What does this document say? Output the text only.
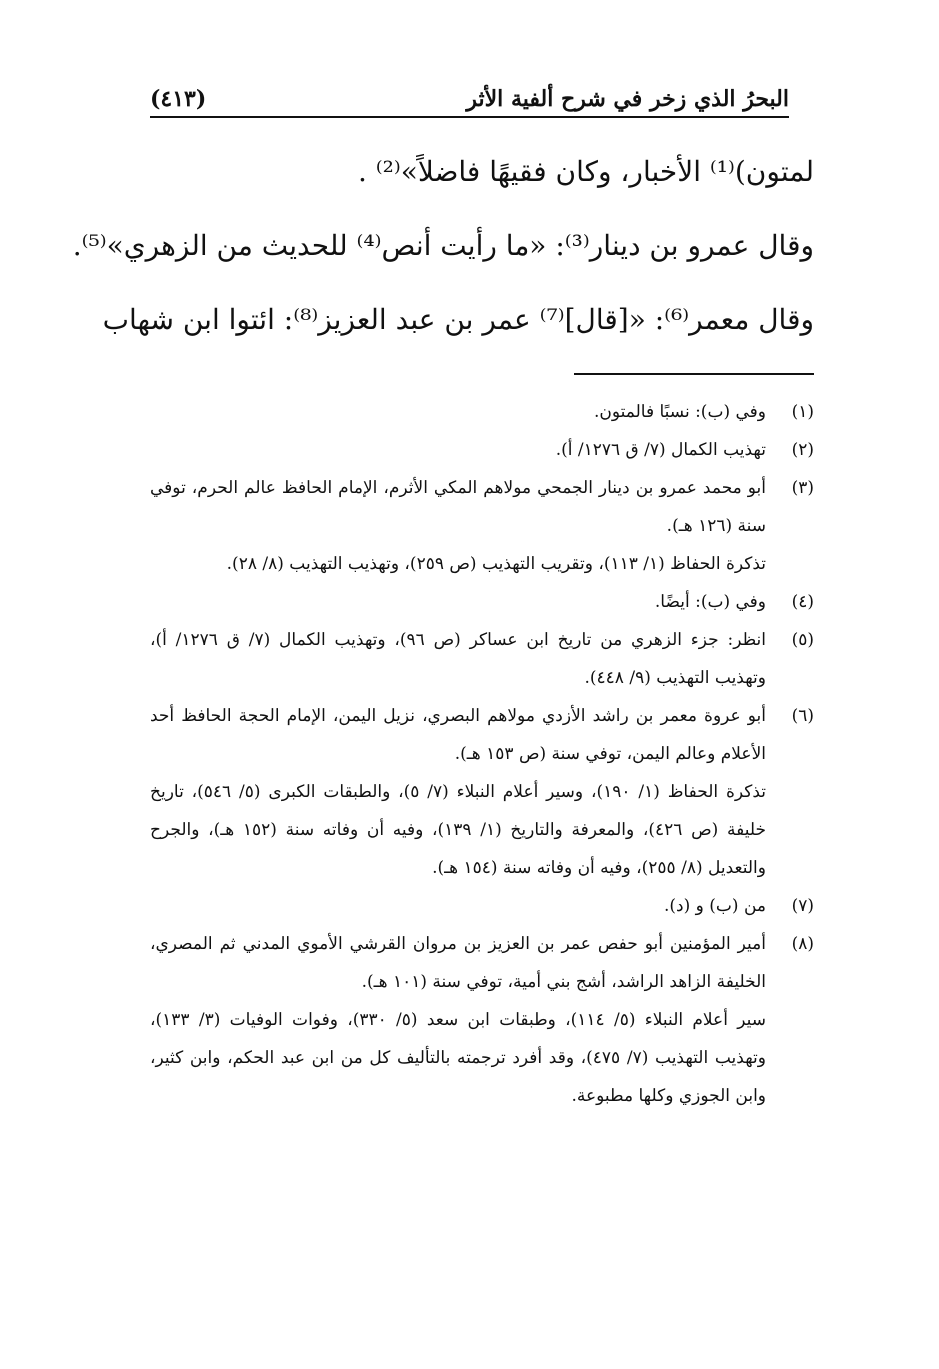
البحرُ الذي زخر في شرح ألفية الأثر
(٤١٣)

لمتون)⁽¹⁾ الأخبار، وكان فقيهًا فاضلاً»⁽²⁾ .

وقال عمرو بن دينار⁽³⁾: «ما رأيت أنص⁽⁴⁾ للحديث من الزهري»⁽⁵⁾.

وقال معمر⁽⁶⁾: «[قال]⁽⁷⁾ عمر بن عبد العزيز⁽⁸⁾: ائتوا ابن شهاب

(١)

وفي (ب): نسبًا فالمتون.

(٢)

تهذيب الكمال (٧/ ق ١٢٧٦/ أ).

(٣)

أبو محمد عمرو بن دينار الجمحي مولاهم المكي الأثرم، الإمام الحافظ عالم الحرم، توفي سنة (١٢٦ هـ).

تذكرة الحفاظ (١/ ١١٣)، وتقريب التهذيب (ص ٢٥٩)، وتهذيب التهذيب (٨/ ٢٨).

(٤)

وفي (ب): أيضًا.

(٥)

انظر: جزء الزهري من تاريخ ابن عساكر (ص ٩٦)، وتهذيب الكمال (٧/ ق ١٢٧٦/ أ)، وتهذيب التهذيب (٩/ ٤٤٨).

(٦)

أبو عروة معمر بن راشد الأزدي مولاهم البصري، نزيل اليمن، الإمام الحجة الحافظ أحد الأعلام وعالم اليمن، توفي سنة (ص ١٥٣ هـ).

تذكرة الحفاظ (١/ ١٩٠)، وسير أعلام النبلاء (٧/ ٥)، والطبقات الكبرى (٥/ ٥٤٦)، تاريخ خليفة (ص ٤٢٦)، والمعرفة والتاريخ (١/ ١٣٩)، وفيه أن وفاته سنة (١٥٢ هـ)، والجرح والتعديل (٨/ ٢٥٥)، وفيه أن وفاته سنة (١٥٤ هـ).

(٧)

من (ب) و (د).

(٨)

أمير المؤمنين أبو حفص عمر بن العزيز بن مروان القرشي الأموي المدني ثم المصري، الخليفة الزاهد الراشد، أشج بني أمية، توفي سنة (١٠١ هـ).

سير أعلام النبلاء (٥/ ١١٤)، وطبقات ابن سعد (٥/ ٣٣٠)، وفوات الوفيات (٣/ ١٣٣)، وتهذيب التهذيب (٧/ ٤٧٥)، وقد أفرد ترجمته بالتأليف كل من ابن عبد الحكم، وابن كثير، وابن الجوزي وكلها مطبوعة.
